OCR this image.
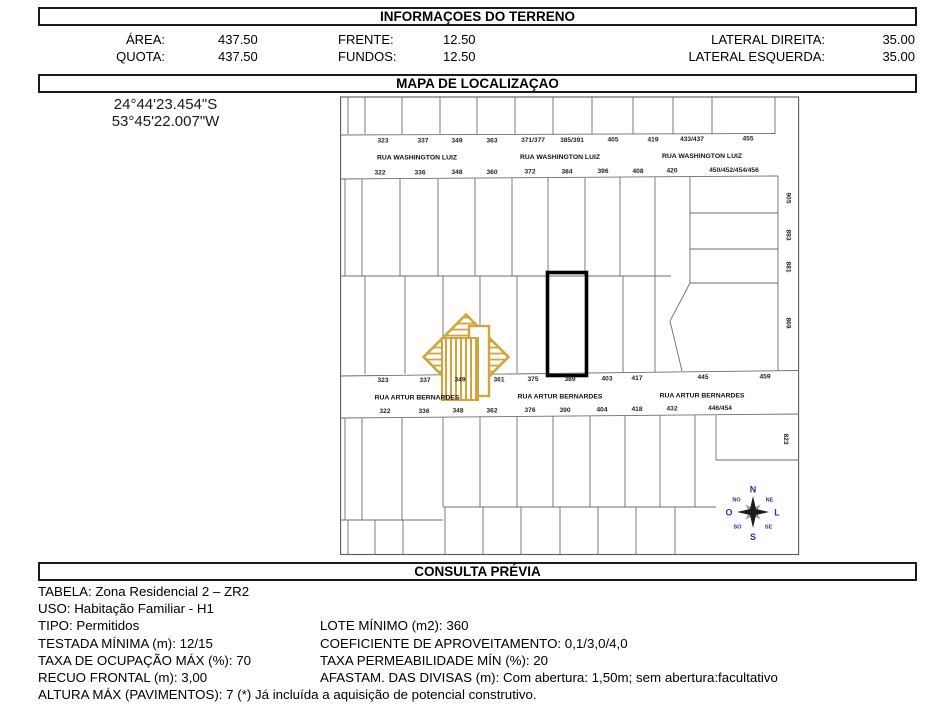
INFORMAÇOES DO TERRENO
ÁREA:	437.50	FRENTE:	12.50	LATERAL DIREITA:	35.00
QUOTA:	437.50	FUNDOS:	12.50	LATERAL ESQUERDA:	35.00
MAPA DE LOCALIZAÇAO
24°44'23.454"S
53°45'22.007"W
323	337	349	363	371/377 385/391	405	419	433/437	455
RUA WASHINGTON LUIZ	RUA WASHINGTON LUIZ	RUA WASHINGTON LUIZ
322	336	348	360	372	384	396	408	420	450/452/454/456
323	337	349	361	375	389	403	417	445	459
RUA ARTUR BERNARDES	RUA ARTUR BERNARDES	RUA ARTUR BERNARDES
322	336	348	362	376	390	404	418	432	446/454
905
893
881
869
823
N
S
O	L
NO	NE
SO	SE
CONSULTA PRÉVIA
TABELA: Zona Residencial 2 – ZR2
USO: Habitação Familiar - H1
TIPO: Permitidos	LOTE MÍNIMO (m2): 360
TESTADA MÍNIMA (m): 12/15	COEFICIENTE DE APROVEITAMENTO: 0,1/3,0/4,0
TAXA DE OCUPAÇÃO MÁX (%): 70	TAXA PERMEABILIDADE MÍN (%): 20
RECUO FRONTAL (m): 3,00	AFASTAM. DAS DIVISAS (m): Com abertura: 1,50m; sem abertura:facultativo
ALTURA MÁX (PAVIMENTOS): 7 (*) Já incluída a aquisição de potencial construtivo.
